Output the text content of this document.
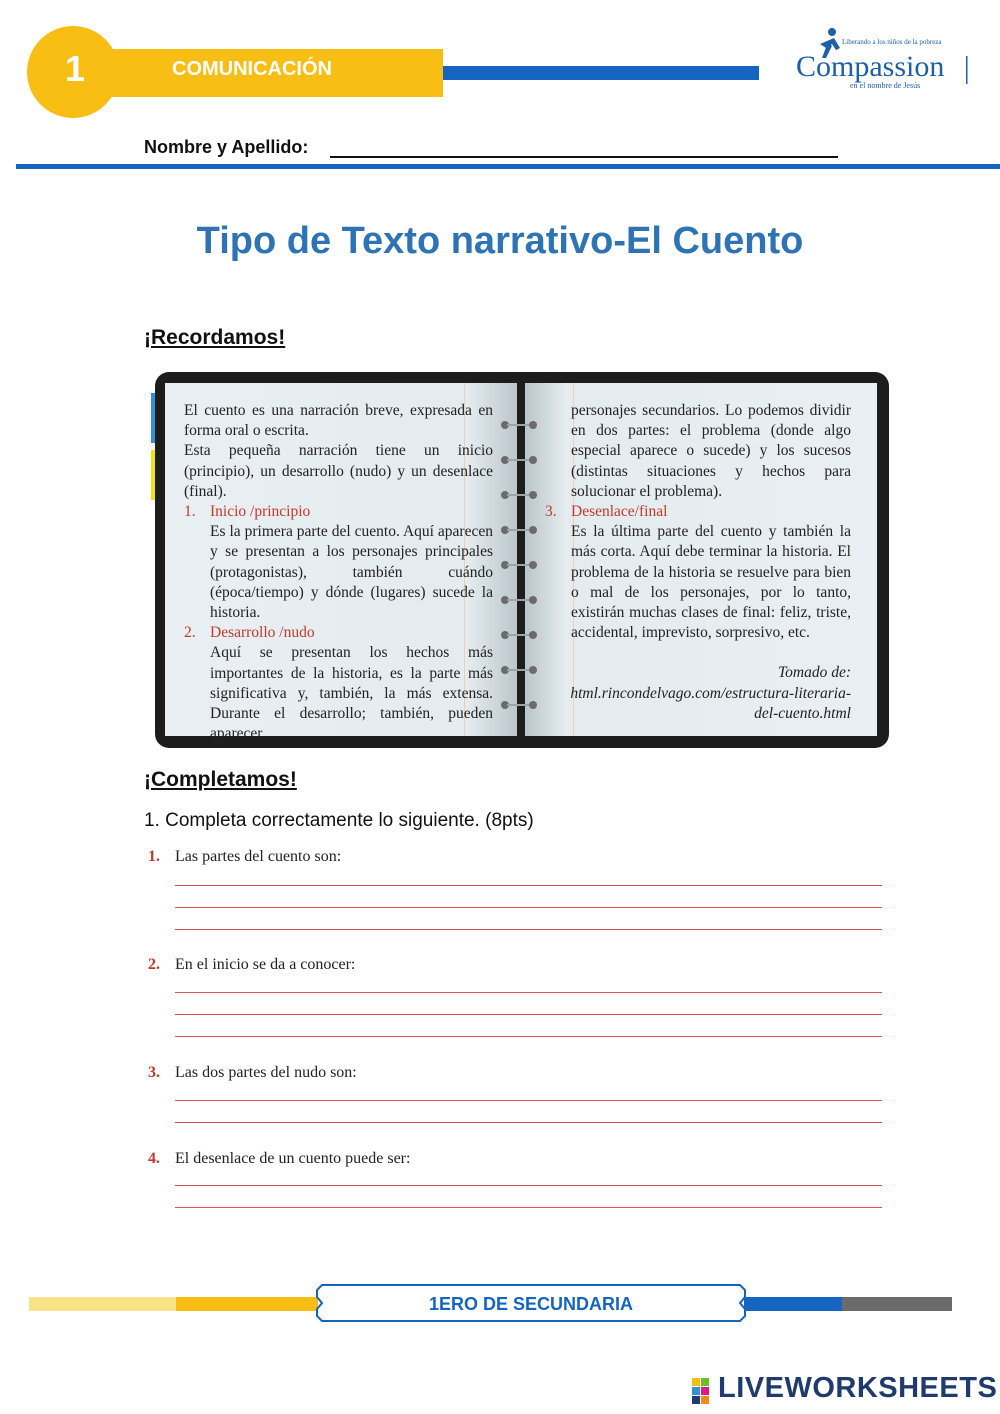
1	COMUNICACIÓN
Liberando a los niños de la pobreza
Compassion
en el nombre de Jesús
Nombre y Apellido:
Tipo de Texto narrativo-El Cuento
¡Recordamos!
El cuento es una narración breve, expresada en forma oral o escrita.
Esta pequeña narración tiene un inicio (principio), un desarrollo (nudo) y un desenlace (final).
1. Inicio /principio
Es la primera parte del cuento. Aquí aparecen y se presentan a los personajes principales (protagonistas), también cuándo (época/tiempo) y dónde (lugares) sucede la historia.
2. Desarrollo /nudo
Aquí se presentan los hechos más importantes de la historia, es la parte más significativa y, también, la más extensa. Durante el desarrollo; también, pueden aparecer
personajes secundarios. Lo podemos dividir en dos partes: el problema (donde algo especial aparece o sucede) y los sucesos (distintas situaciones y hechos para solucionar el problema).
3. Desenlace/final
Es la última parte del cuento y también la más corta. Aquí debe terminar la historia. El problema de la historia se resuelve para bien o mal de los personajes, por lo tanto, existirán muchas clases de final: feliz, triste, accidental, imprevisto, sorpresivo, etc.
Tomado de:
html.rincondelvago.com/estructura-literaria-
del-cuento.html
¡Completamos!
1. Completa correctamente lo siguiente. (8pts)
1. Las partes del cuento son:
2. En el inicio se da a conocer:
3. Las dos partes del nudo son:
4. El desenlace de un cuento puede ser:
1ERO DE SECUNDARIA
LIVEWORKSHEETS
